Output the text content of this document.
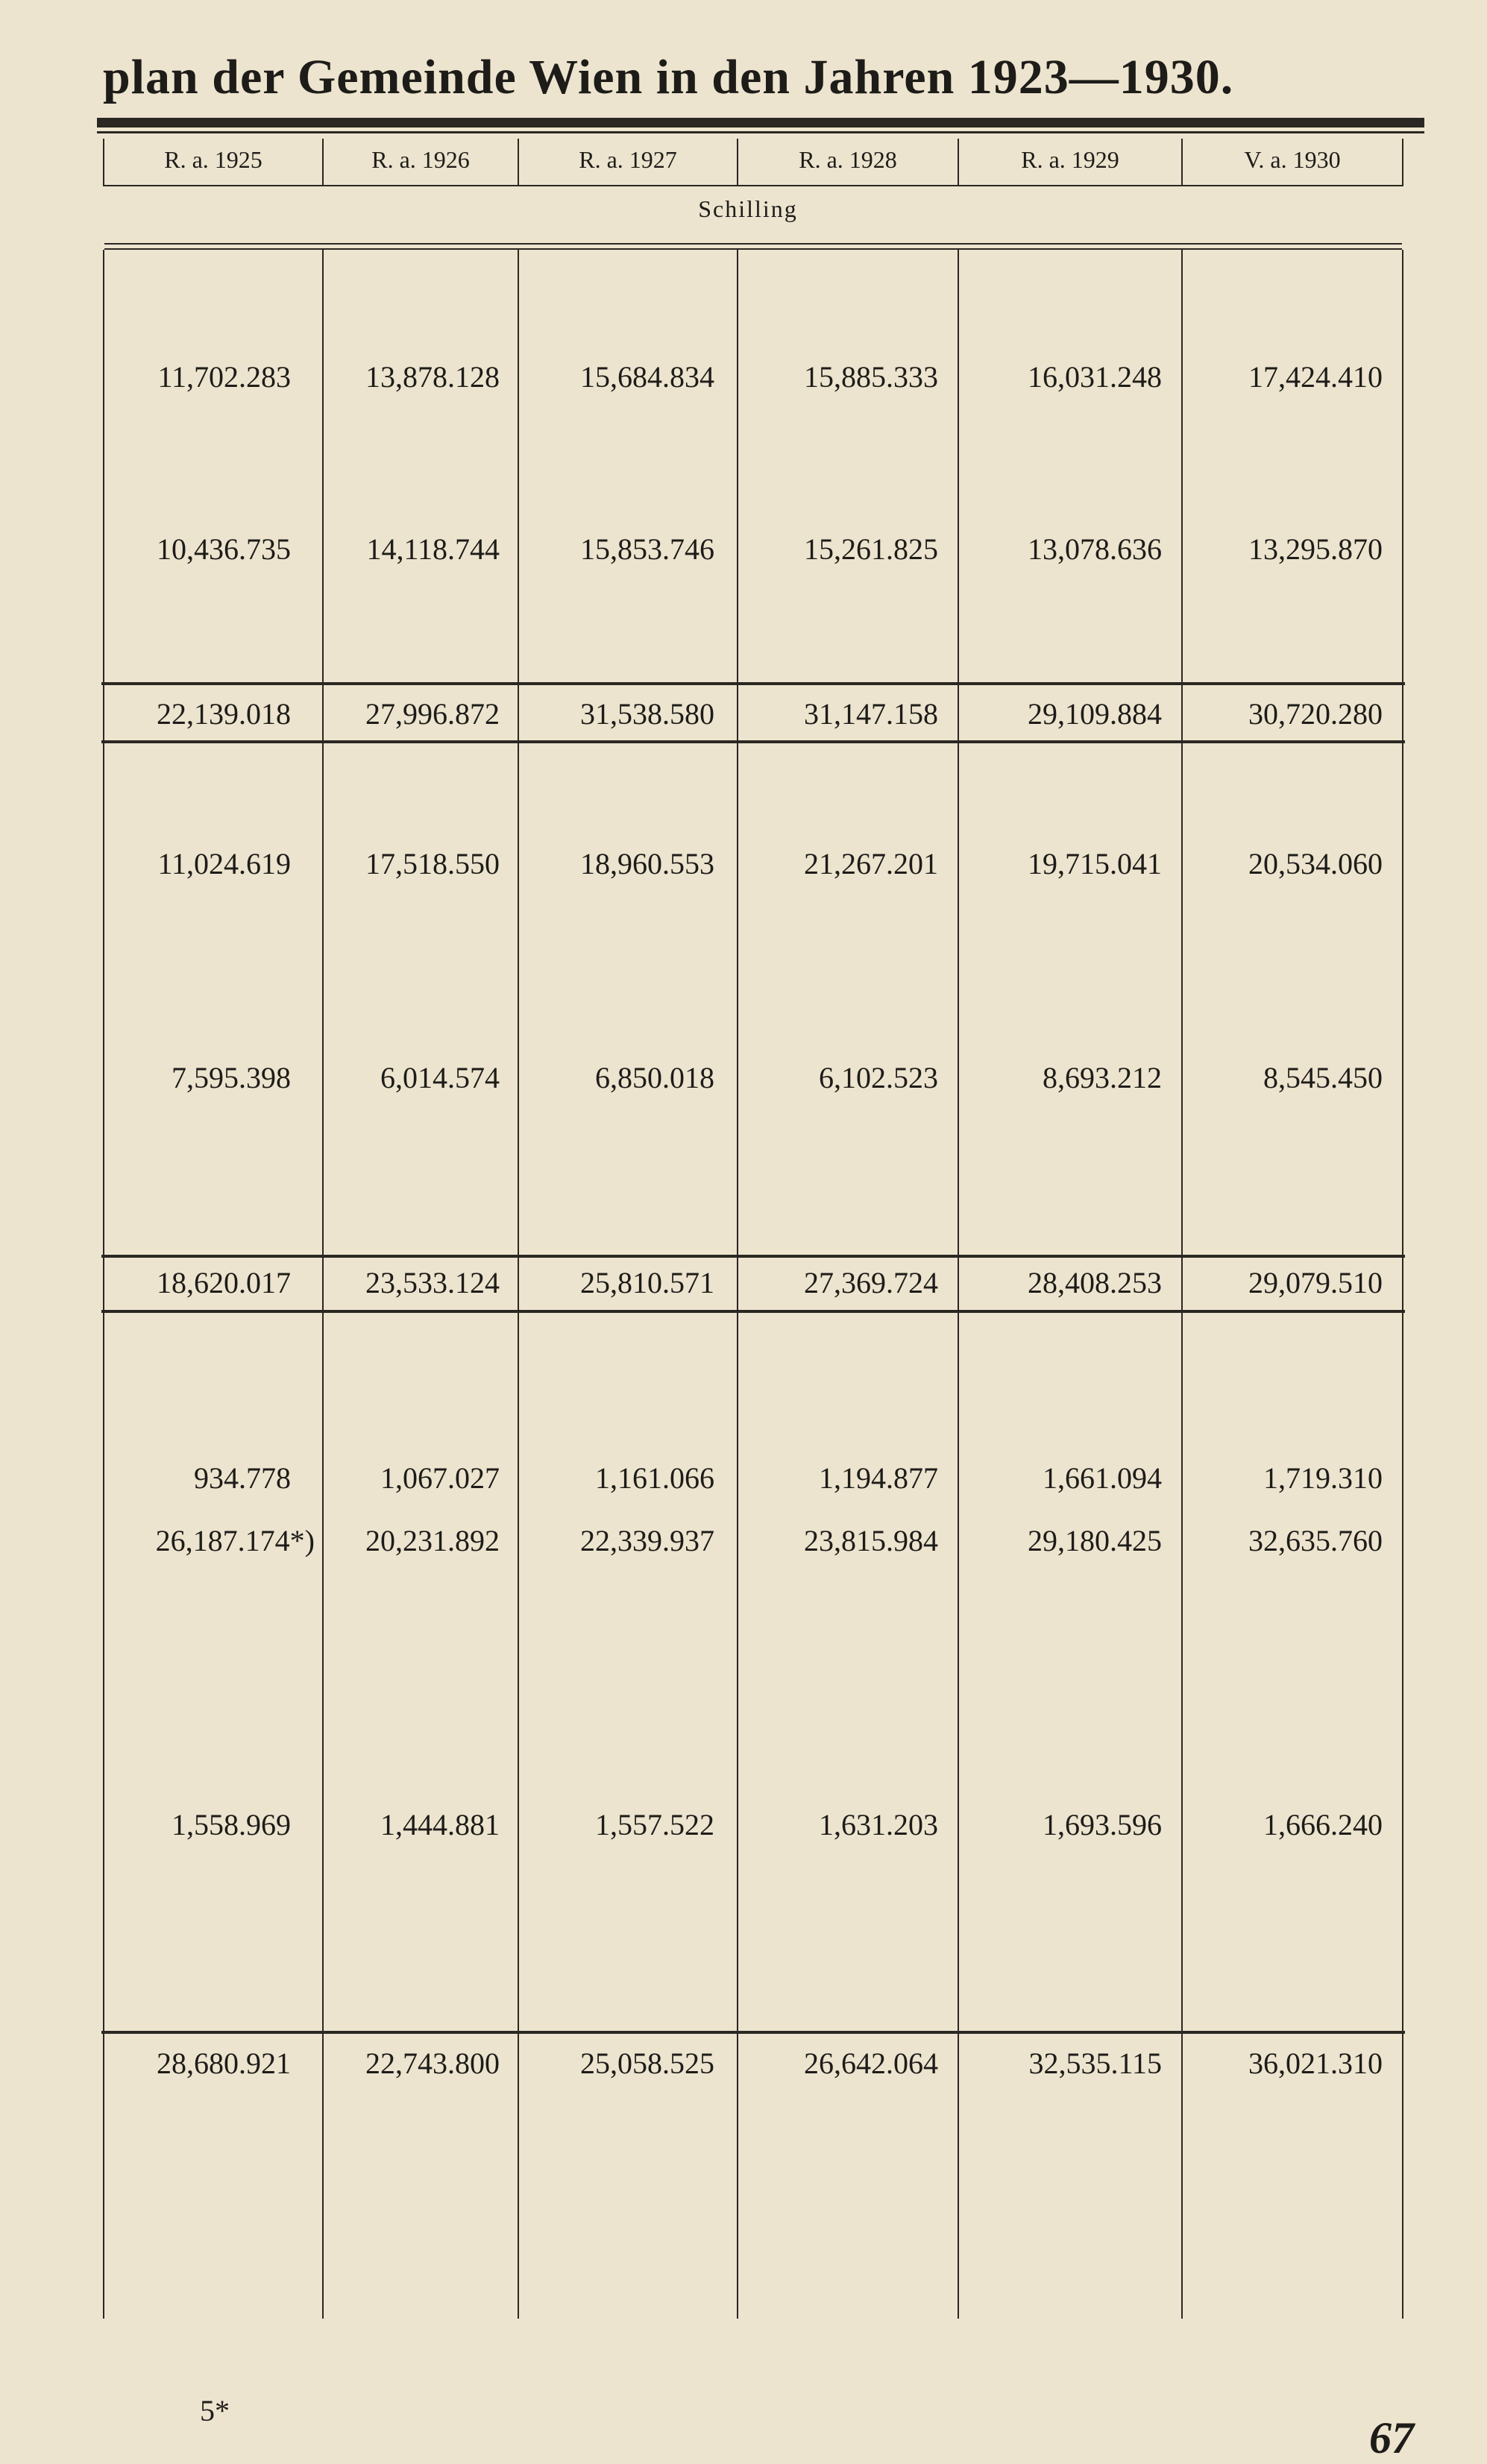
plan der Gemeinde Wien in den Jahren 1923—1930.
R. a. 1925	R. a. 1926	R. a. 1927	R. a. 1928	R. a. 1929	V. a. 1930
Schilling
11,702.283	13,878.128	15,684.834	15,885.333	16,031.248	17,424.410
10,436.735	14,118.744	15,853.746	15,261.825	13,078.636	13,295.870
22,139.018	27,996.872	31,538.580	31,147.158	29,109.884	30,720.280
11,024.619	17,518.550	18,960.553	21,267.201	19,715.041	20,534.060
7,595.398	6,014.574	6,850.018	6,102.523	8,693.212	8,545.450
18,620.017	23,533.124	25,810.571	27,369.724	28,408.253	29,079.510
934.778	1,067.027	1,161.066	1,194.877	1,661.094	1,719.310
26,187.174*)	20,231.892	22,339.937	23,815.984	29,180.425	32,635.760
1,558.969	1,444.881	1,557.522	1,631.203	1,693.596	1,666.240
28,680.921	22,743.800	25,058.525	26,642.064	32,535.115	36,021.310
5*
67
